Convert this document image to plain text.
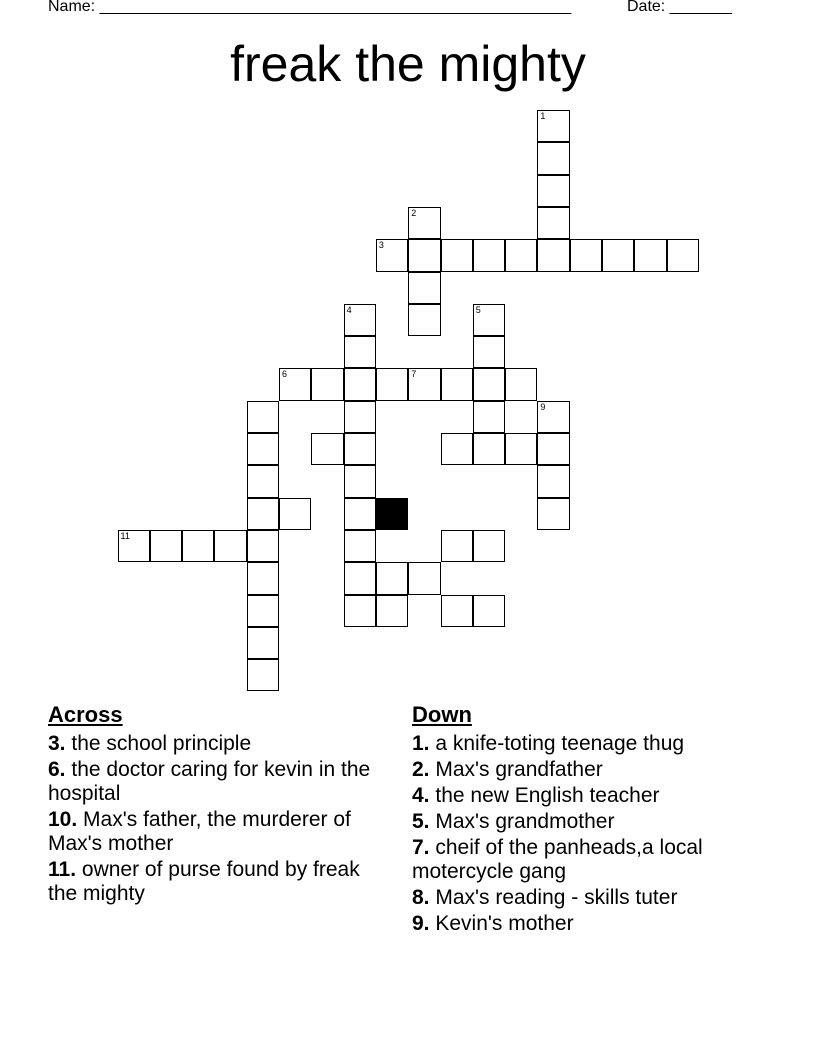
Name: _____________________________________________________	Date: _______
freak the mighty
1
2
3
4	5
6	7
9
11
Across
3. the school principle
6. the doctor caring for kevin in the hospital
10. Max's father, the murderer of Max's mother
11. owner of purse found by freak the mighty
Down
1. a knife-toting teenage thug
2. Max's grandfather
4. the new English teacher
5. Max's grandmother
7. cheif of the panheads,a local motercycle gang
8. Max's reading - skills tuter
9. Kevin's mother
